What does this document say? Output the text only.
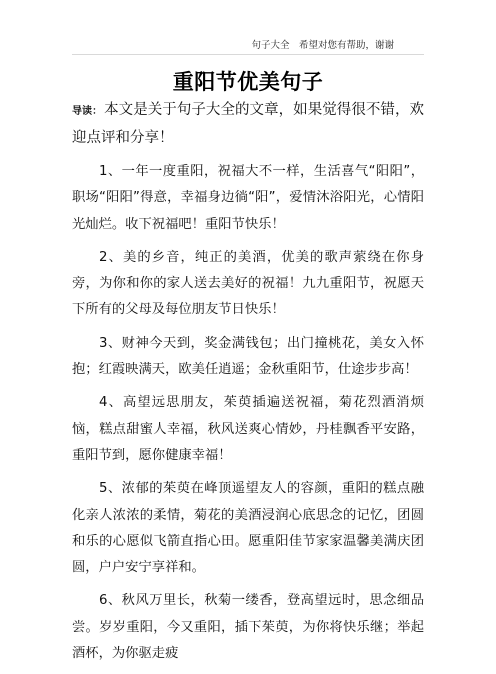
句子大全　希望对您有帮助，谢谢
重阳节优美句子

导读： 本文是关于句子大全的文章，如果觉得很不错，欢迎点评和分享！

1、一年一度重阳，祝福大不一样，生活喜气“阳阳”，职场“阳阳”得意，幸福身边徜“阳”，爱情沐浴阳光，心情阳光灿烂。收下祝福吧！重阳节快乐！

2、美的乡音，纯正的美酒，优美的歌声萦绕在你身旁，为你和你的家人送去美好的祝福！九九重阳节，祝愿天下所有的父母及每位朋友节日快乐！

3、财神今天到，奖金满钱包；出门撞桃花，美女入怀抱；红霞映满天，欧美任逍遥；金秋重阳节，仕途步步高！

4、高望远思朋友，茱萸插遍送祝福，菊花烈酒消烦恼，糕点甜蜜人幸福，秋风送爽心情妙，丹桂飘香平安路，重阳节到，愿你健康幸福！

5、浓郁的茱萸在峰顶遥望友人的容颜，重阳的糕点融化亲人浓浓的柔情，菊花的美酒浸润心底思念的记忆，团圆和乐的心愿似飞箭直指心田。愿重阳佳节家家温馨美满庆团圆，户户安宁享祥和。

6、秋风万里长，秋菊一缕香，登高望远时，思念细品尝。岁岁重阳，今又重阳，插下茱萸，为你将快乐继；举起酒杯，为你驱走疲
